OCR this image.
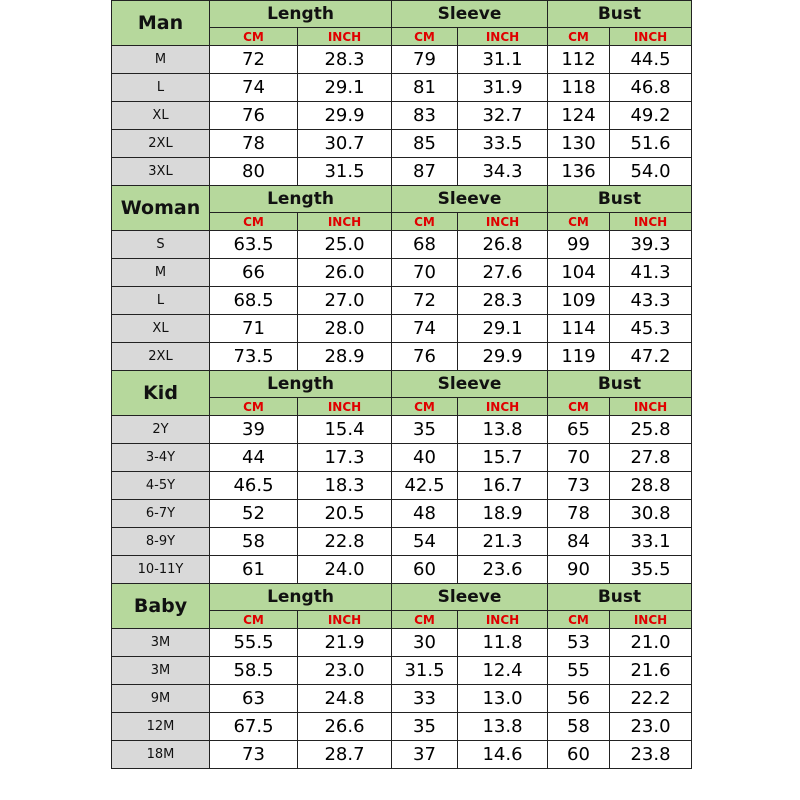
Man	Length		Sleeve		Bust	
	CM	INCH	CM	INCH	CM	INCH
M	72	28.3	79	31.1	112	44.5
L	74	29.1	81	31.9	118	46.8
XL	76	29.9	83	32.7	124	49.2
2XL	78	30.7	85	33.5	130	51.6
3XL	80	31.5	87	34.3	136	54.0
Woman	Length		Sleeve		Bust	
	CM	INCH	CM	INCH	CM	INCH
S	63.5	25.0	68	26.8	99	39.3
M	66	26.0	70	27.6	104	41.3
L	68.5	27.0	72	28.3	109	43.3
XL	71	28.0	74	29.1	114	45.3
2XL	73.5	28.9	76	29.9	119	47.2
Kid	Length		Sleeve		Bust	
	CM	INCH	CM	INCH	CM	INCH
2Y	39	15.4	35	13.8	65	25.8
3-4Y	44	17.3	40	15.7	70	27.8
4-5Y	46.5	18.3	42.5	16.7	73	28.8
6-7Y	52	20.5	48	18.9	78	30.8
8-9Y	58	22.8	54	21.3	84	33.1
10-11Y	61	24.0	60	23.6	90	35.5
Baby	Length		Sleeve		Bust	
	CM	INCH	CM	INCH	CM	INCH
3M	55.5	21.9	30	11.8	53	21.0
3M	58.5	23.0	31.5	12.4	55	21.6
9M	63	24.8	33	13.0	56	22.2
12M	67.5	26.6	35	13.8	58	23.0
18M	73	28.7	37	14.6	60	23.8
